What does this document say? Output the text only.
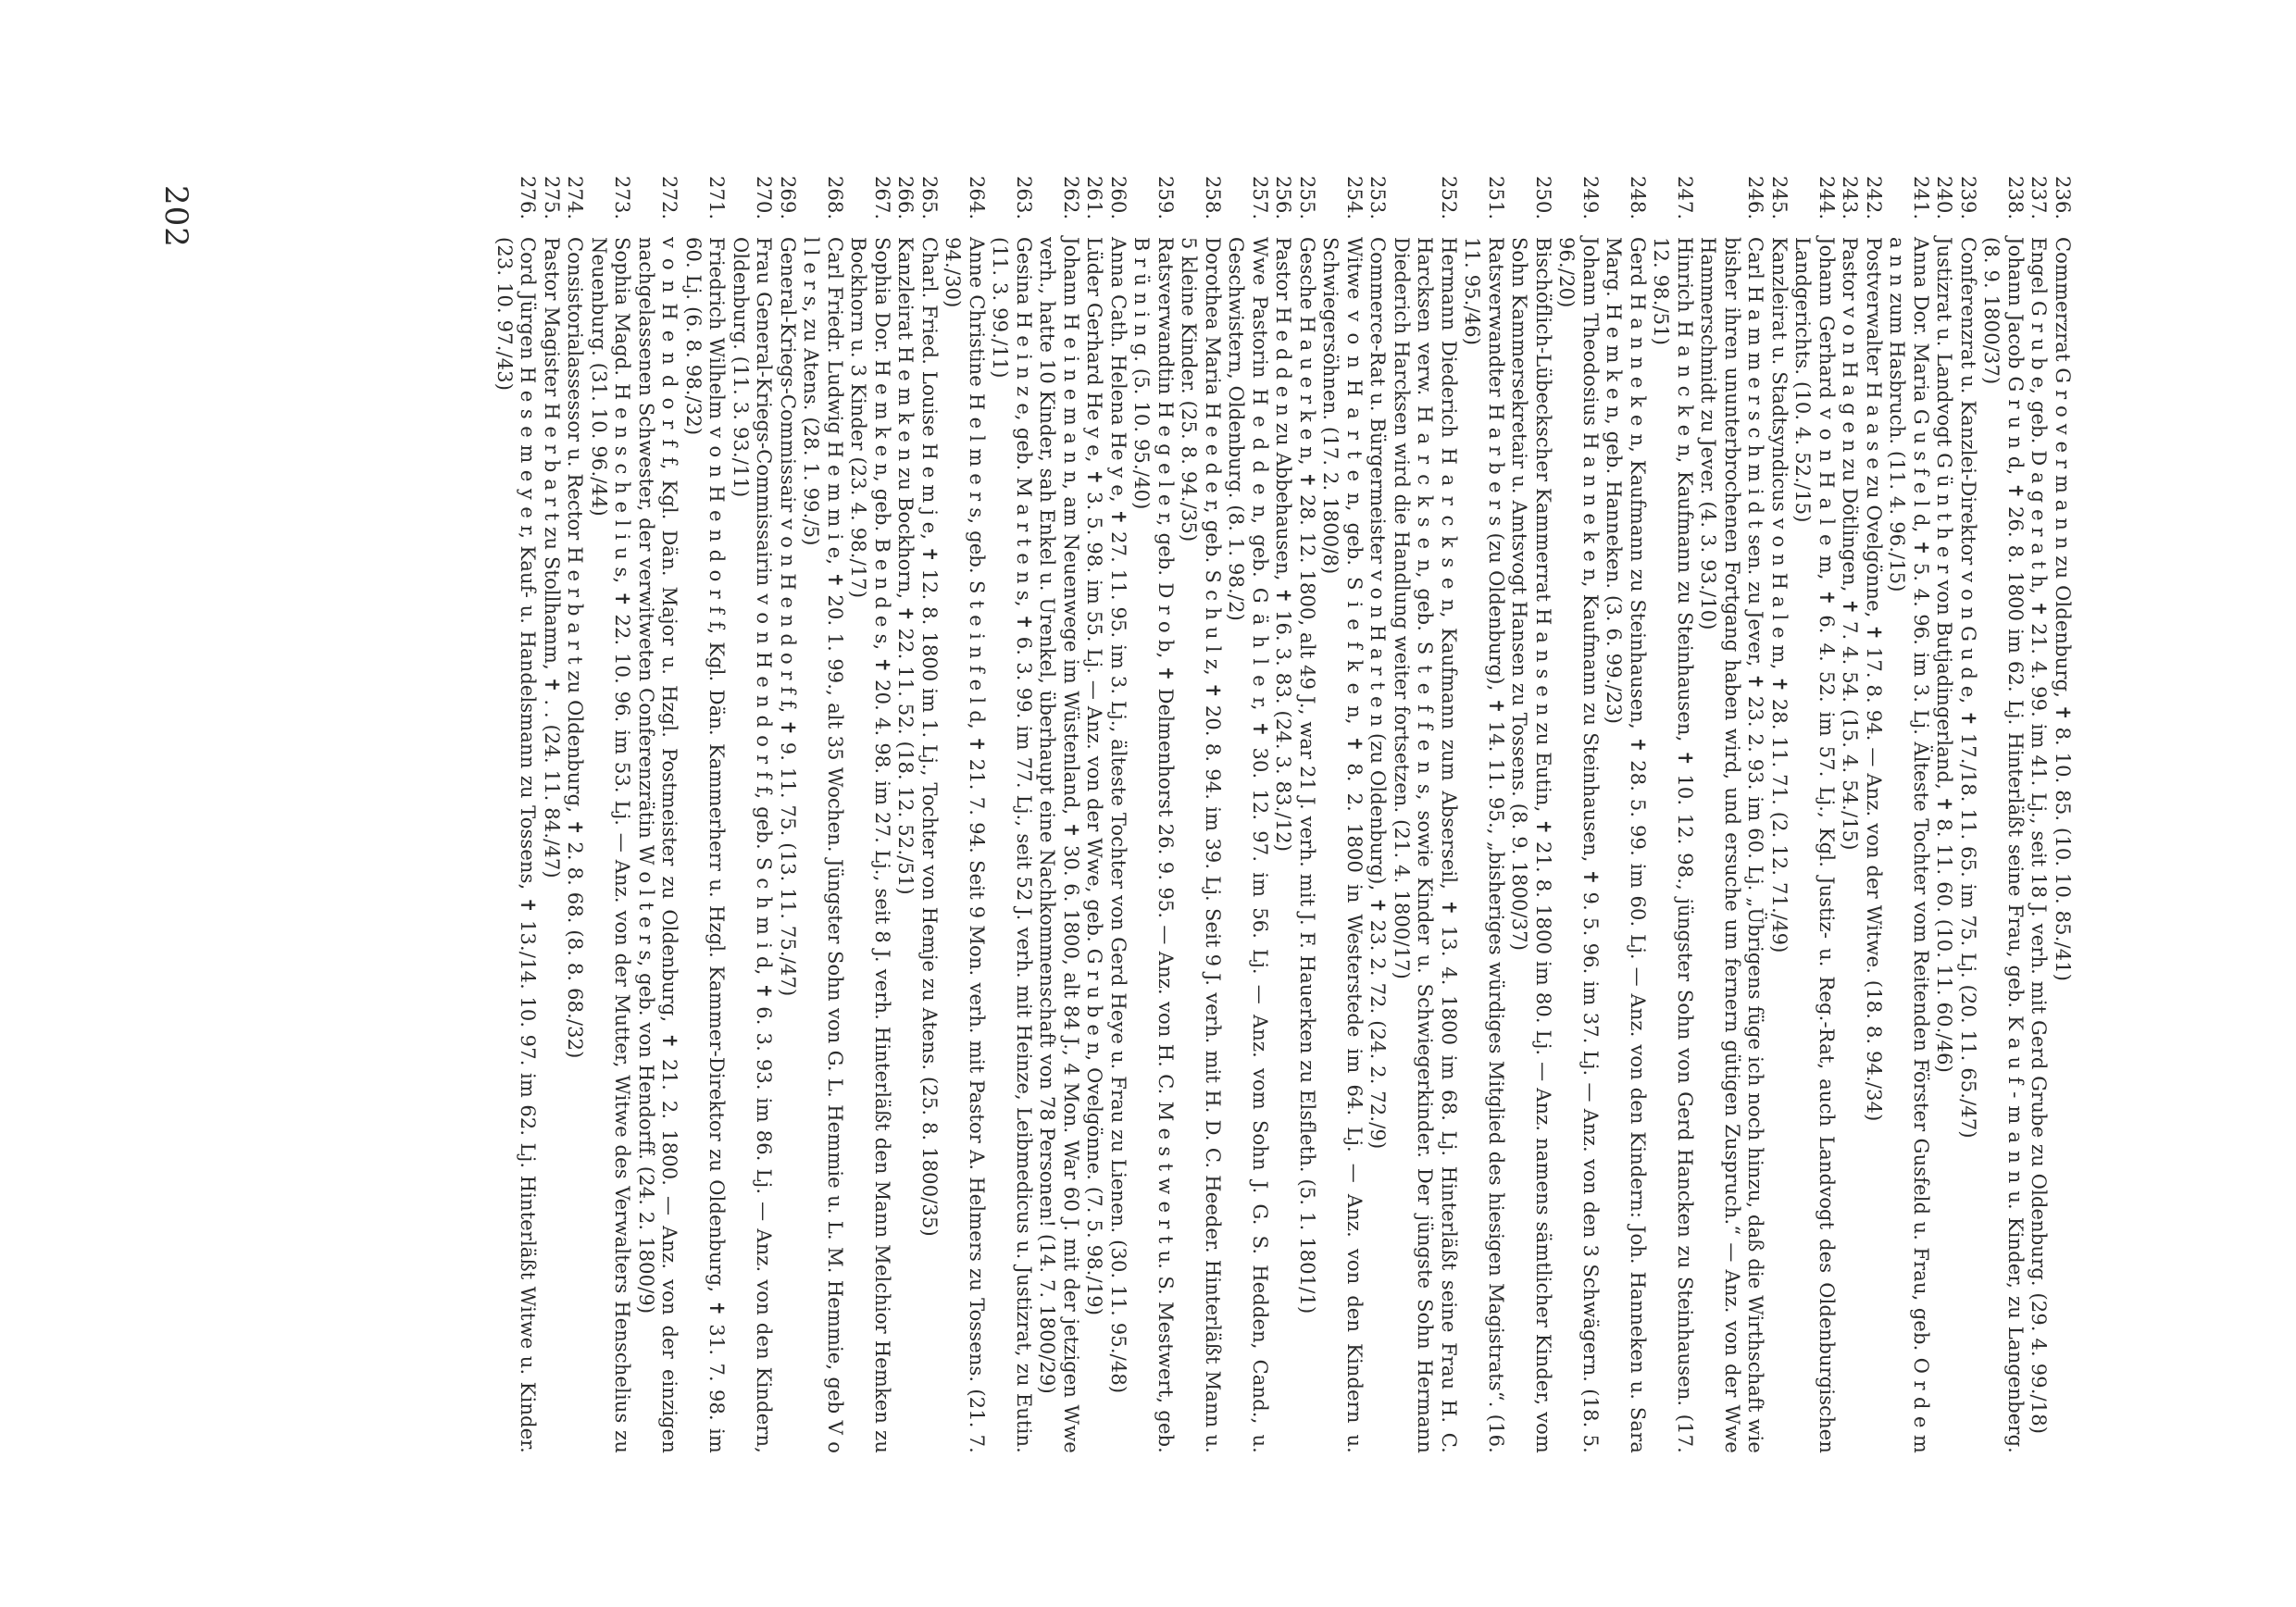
236.
Commerzrat G r o v e r m a n n zu Oldenburg, ✝ 8. 10. 85. (10. 10. 85./41)
237.
Engel G r u b e, geb. D a g e r a t h, ✝ 21. 4. 99. im 41. Lj., seit 18 J. verh. mit Gerd Grube zu Oldenburg. (29. 4. 99./18)
238.
Johann Jacob G r u n d, ✝ 26. 8. 1800 im 62. Lj. Hinterläßt seine Frau, geb. K a u f - m a n n u. Kinder, zu Langenberg. (8. 9. 1800/37)
239.
Conferenzrat u. Kanzlei-Direktor v o n G u d e, ✝ 17./18. 11. 65. im 75. Lj. (20. 11. 65./47)
240.
Justizrat u. Landvogt G ü n t h e r von Butjadingerland, ✝ 8. 11. 60. (10. 11. 60./46)
241.
Anna Dor. Maria G u s f e l d, ✝ 5. 4. 96. im 3. Lj. Älteste Tochter vom Reitenden Förster Gusfeld u. Frau, geb. O r d e m a n n zum Hasbruch. (11. 4. 96./15)
242.
Postverwalter H a a s e zu Ovelgönne, ✝ 17. 8. 94. — Anz. von der Witwe. (18. 8. 94./34)
243.
Pastor v o n H a g e n zu Dötlingen, ✝ 7. 4. 54. (15. 4. 54./15)
244.
Johann Gerhard v o n H a l e m, ✝ 6. 4. 52. im 57. Lj., Kgl. Justiz- u. Reg.-Rat, auch Landvogt des Oldenburgischen Landgerichts. (10. 4. 52./15)
245.
Kanzleirat u. Stadtsyndicus v o n H a l e m, ✝ 28. 11. 71. (2. 12. 71./49)
246.
Carl H a m m e r s c h m i d t sen. zu Jever, ✝ 23. 2. 93. im 60. Lj. „Übrigens füge ich noch hinzu, daß die Wirthschaft wie bisher ihren ununterbrochenen Fortgang haben wird, und ersuche um fernern gütigen Zuspruch.“ — Anz. von der Wwe Hammerschmidt zu Jever. (4. 3. 93./10)
247.
Hinrich H a n c k e n, Kaufmann zu Steinhausen, ✝ 10. 12. 98., jüngster Sohn von Gerd Hancken zu Steinhausen. (17. 12. 98./51)
248.
Gerd H a n n e k e n, Kaufmann zu Steinhausen, ✝ 28. 5. 99. im 60. Lj. — Anz. von den Kindern: Joh. Hanneken u. Sara Marg. H e m k e n, geb. Hanneken. (3. 6. 99./23)
249.
Johann Theodosius H a n n e k e n, Kaufmann zu Steinhausen, ✝ 9. 5. 96. im 37. Lj. — Anz. von den 3 Schwägern. (18. 5. 96./20)
250.
Bischöflich-Lübeckscher Kammerrat H a n s e n zu Eutin, ✝ 21. 8. 1800 im 80. Lj. — Anz. namens sämtlicher Kinder, vom Sohn Kammersekretair u. Amtsvogt Hansen zu Tossens. (8. 9. 1800/37)
251.
Ratsverwandter H a r b e r s (zu Oldenburg), ✝ 14. 11. 95., „bisheriges würdiges Mitglied des hiesigen Magistrats“. (16. 11. 95./46)
252.
Hermann Diederich H a r c k s e n, Kaufmann zum Abserseil, ✝ 13. 4. 1800 im 68. Lj. Hinterläßt seine Frau H. C. Harcksen verw. H a r c k s e n, geb. S t e f f e n s, sowie Kinder u. Schwiegerkinder. Der jüngste Sohn Hermann Diederich Harcksen wird die Handlung weiter fortsetzen. (21. 4. 1800/17)
253.
Commerce-Rat u. Bürgermeister v o n H a r t e n (zu Oldenburg), ✝ 23. 2. 72. (24. 2. 72./9)
254.
Witwe v o n H a r t e n, geb. S i e f k e n, ✝ 8. 2. 1800 in Westerstede im 64. Lj. — Anz. von den Kindern u. Schwiegersöhnen. (17. 2. 1800/8)
255.
Gesche H a u e r k e n, ✝ 28. 12. 1800, alt 49 J., war 21 J. verh. mit J. F. Hauerken zu Elsfleth. (5. 1. 1801/1)
256.
Pastor H e d d e n zu Abbehausen, ✝ 16. 3. 83. (24. 3. 83./12)
257.
Wwe Pastorin H e d d e n, geb. G ä h l e r, ✝ 30. 12. 97. im 56. Lj. — Anz. vom Sohn J. G. S. Hedden, Cand., u. Geschwistern, Oldenburg. (8. 1. 98./2)
258.
Dorothea Maria H e e d e r, geb. S c h u l z, ✝ 20. 8. 94. im 39. Lj. Seit 9 J. verh. mit H. D. C. Heeder. Hinterläßt Mann u. 5 kleine Kinder. (25. 8. 94./35)
259.
Ratsverwandtin H e g e l e r, geb. D r o b, ✝ Delmenhorst 26. 9. 95. — Anz. von H. C. M e s t w e r t u. S. Mestwert, geb. B r ü n i n g. (5. 10. 95./40)
260.
Anna Cath. Helena He y e, ✝ 27. 11. 95. im 3. Lj., älteste Tochter von Gerd Heye u. Frau zu Lienen. (30. 11. 95./48)
261.
Lüder Gerhard He y e, ✝ 3. 5. 98. im 55. Lj. — Anz. von der Wwe, geb. G r u b e n, Ovelgönne. (7. 5. 98./19)
262.
Johann H e i n e m a n n, am Neuenwege im Wüstenland, ✝ 30. 6. 1800, alt 84 J., 4 Mon. War 60 J. mit der jetzigen Wwe verh., hatte 10 Kinder, sah Enkel u. Urenkel, überhaupt eine Nachkommenschaft von 78 Personen! (14. 7. 1800/29)
263.
Gesina H e i n z e, geb. M a r t e n s, ✝ 6. 3. 99. im 77. Lj., seit 52 J. verh. mit Heinze, Leibmedicus u. Justizrat, zu Eutin. (11. 3. 99./11)
264.
Anne Christine H e l m e r s, geb. S t e i n f e l d, ✝ 21. 7. 94. Seit 9 Mon. verh. mit Pastor A. Helmers zu Tossens. (21. 7. 94./30)
265.
Charl. Fried. Louise H e m j e, ✝ 12. 8. 1800 im 1. Lj., Tochter von Hemje zu Atens. (25. 8. 1800/35)
266.
Kanzleirat H e m k e n zu Bockhorn, ✝ 22. 11. 52. (18. 12. 52./51)
267.
Sophia Dor. H e m k e n, geb. B e n d e s, ✝ 20. 4. 98. im 27. Lj., seit 8 J. verh. Hinterläßt den Mann Melchior Hemken zu Bockhorn u. 3 Kinder (23. 4. 98./17)
268.
Carl Friedr. Ludwig H e m m i e, ✝ 20. 1. 99., alt 35 Wochen. Jüngster Sohn von G. L. Hemmie u. L. M. Hemmie, geb V o l l e r s, zu Atens. (28. 1. 99./5)
269.
General-Kriegs-Commissair v o n H e n d o r f f, ✝ 9. 11. 75. (13. 11. 75./47)
270.
Frau General-Kriegs-Commissairin v o n H e n d o r f f, geb. S c h m i d, ✝ 6. 3. 93. im 86. Lj. — Anz. von den Kindern, Oldenburg. (11. 3. 93./11)
271.
Friedrich Wilhelm v o n H e n d o r f f, Kgl. Dän. Kammerherr u. Hzgl. Kammer-Direktor zu Oldenburg, ✝ 31. 7. 98. im 60. Lj. (6. 8. 98./32)
272.
v o n H e n d o r f f, Kgl. Dän. Major u. Hzgl. Postmeister zu Oldenburg, ✝ 21. 2. 1800. — Anz. von der einzigen nachgelassenen Schwester, der verwitweten Conferenzrätin W o l t e r s, geb. von Hendorff. (24. 2. 1800/9)
273.
Sophia Magd. H e n s c h e l i u s, ✝ 22. 10. 96. im 53. Lj. — Anz. von der Mutter, Witwe des Verwalters Henschelius zu Neuenburg. (31. 10. 96./44)
274.
Consistorialassessor u. Rector H e r b a r t zu Oldenburg, ✝ 2. 8. 68. (8. 8. 68./32)
275.
Pastor Magister H e r b a r t zu Stollhamm, ✝ . . (24. 11. 84./47)
276.
Cord Jürgen H e s e m e y e r, Kauf- u. Handelsmann zu Tossens, ✝ 13./14. 10. 97. im 62. Lj. Hinterläßt Witwe u. Kinder. (23. 10. 97./43)
202
